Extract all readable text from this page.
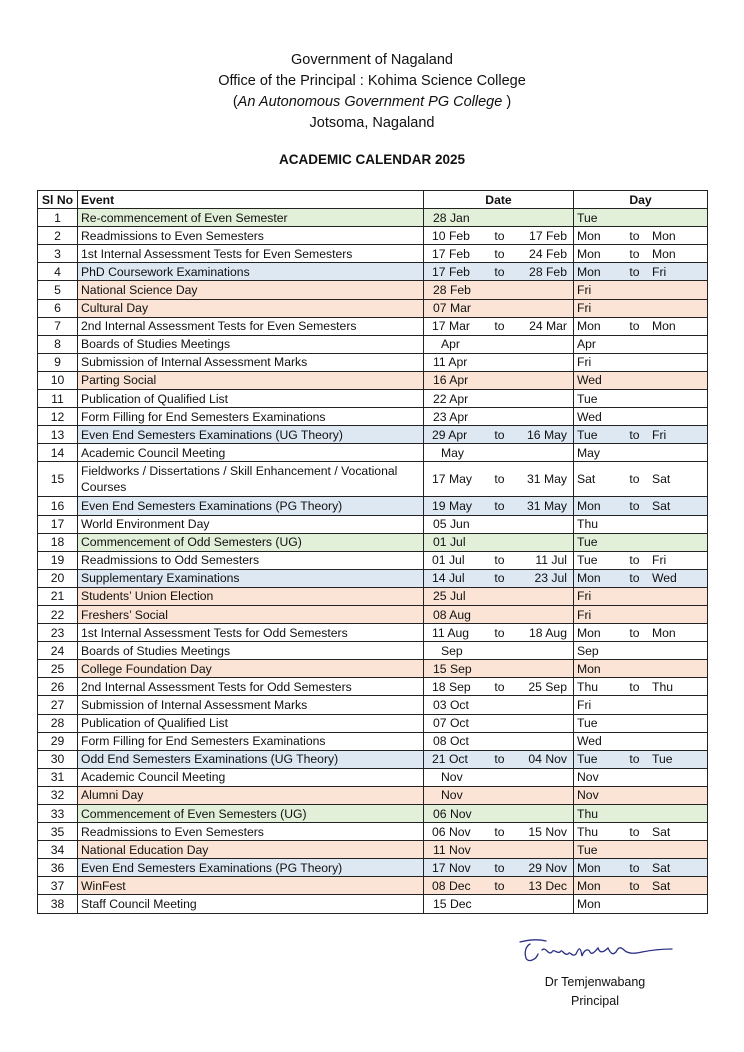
Government of Nagaland
Office of the Principal : Kohima Science College
(An Autonomous Government PG College )
Jotsoma, Nagaland
ACADEMIC CALENDAR 2025
Sl No	Event	Date	Day
1	Re-commencement of Even Semester	28 Jan	Tue
2	Readmissions to Even Semesters	10 Feb to 17 Feb	Mon to Mon

3	1st Internal Assessment Tests for Even Semesters	17 Feb to 24 Feb	Mon to Mon

4	PhD Coursework Examinations	17 Feb to 28 Feb	Mon to Fri

5	National Science Day	28 Feb	Fri
6	Cultural Day	07 Mar	Fri
7	2nd Internal Assessment Tests for Even Semesters	17 Mar to 24 Mar	Mon to Mon

8	Boards of Studies Meetings	Apr	Apr
9	Submission of Internal Assessment Marks	11 Apr	Fri
10	Parting Social	16 Apr	Wed
11	Publication of Qualified List	22 Apr	Tue
12	Form Filling for End Semesters Examinations	23 Apr	Wed
13	Even End Semesters Examinations (UG Theory)	29 Apr to 16 May	Tue to Fri

14	Academic Council Meeting	May	May
15	Fieldworks / Dissertations / Skill Enhancement / Vocational Courses	17 May to 31 May	Sat to Sat

16	Even End Semesters Examinations (PG Theory)	19 May to 31 May	Mon to Sat

17	World Environment Day	05 Jun	Thu
18	Commencement of Odd Semesters (UG)	01 Jul	Tue
19	Readmissions to Odd Semesters	01 Jul to 11 Jul	Tue to Fri

20	Supplementary Examinations	14 Jul to 23 Jul	Mon to Wed

21	Students’ Union Election	25 Jul	Fri
22	Freshers’ Social	08 Aug	Fri
23	1st Internal Assessment Tests for Odd Semesters	11 Aug to 18 Aug	Mon to Mon

24	Boards of Studies Meetings	Sep	Sep
25	College Foundation Day	15 Sep	Mon
26	2nd Internal Assessment Tests for Odd Semesters	18 Sep to 25 Sep	Thu to Thu

27	Submission of Internal Assessment Marks	03 Oct	Fri
28	Publication of Qualified List	07 Oct	Tue
29	Form Filling for End Semesters Examinations	08 Oct	Wed
30	Odd End Semesters Examinations (UG Theory)	21 Oct to 04 Nov	Tue to Tue

31	Academic Council Meeting	Nov	Nov
32	Alumni Day	Nov	Nov
33	Commencement of Even Semesters (UG)	06 Nov	Thu
35	Readmissions to Even Semesters	06 Nov to 15 Nov	Thu to Sat

34	National Education Day	11 Nov	Tue
36	Even End Semesters Examinations (PG Theory)	17 Nov to 29 Nov	Mon to Sat

37	WinFest	08 Dec to 13 Dec	Mon to Sat

38	Staff Council Meeting	15 Dec	Mon
Dr Temjenwabang
Principal
